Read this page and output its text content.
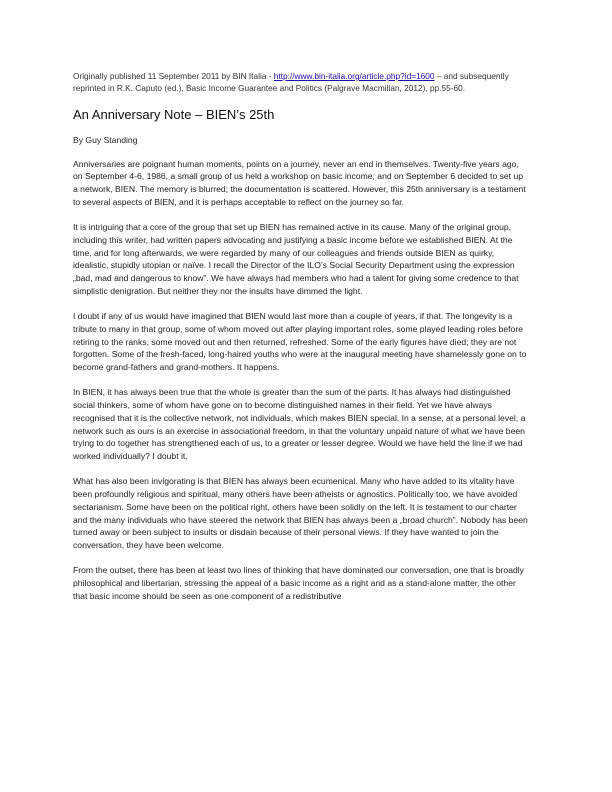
Originally published 11 September 2011 by BIN Italia - http://www.bin-italia.org/article.php?id=1600 – and subsequently reprinted in R.K. Caputo (ed.), Basic Income Guarantee and Politics (Palgrave Macmillan, 2012), pp.55-60.

An Anniversary Note – BIEN’s 25th

By Guy Standing

Anniversaries are poignant human moments, points on a journey, never an end in themselves. Twenty-five years ago, on September 4-6, 1986, a small group of us held a workshop on basic income, and on September 6 decided to set up a network, BIEN. The memory is blurred; the documentation is scattered. However, this 25th anniversary is a testament to several aspects of BIEN, and it is perhaps acceptable to reflect on the journey so far.

It is intriguing that a core of the group that set up BIEN has remained active in its cause. Many of the original group, including this writer, had written papers advocating and justifying a basic income before we established BIEN. At the time, and for long afterwards, we were regarded by many of our colleagues and friends outside BIEN as quirky, idealistic, stupidly utopian or naïve. I recall the Director of the ILO’s Social Security Department using the expression „bad, mad and dangerous to know”. We have always had members who had a talent for giving some credence to that simplistic denigration. But neither they nor the insults have dimmed the light.

I doubt if any of us would have imagined that BIEN would last more than a couple of years, if that. The longevity is a tribute to many in that group, some of whom moved out after playing important roles, some played leading roles before retiring to the ranks, some moved out and then returned, refreshed. Some of the early figures have died; they are not forgotten. Some of the fresh-faced, long-haired youths who were at the inaugural meeting have shamelessly gone on to become grand-fathers and grand-mothers. It happens.

In BIEN, it has always been true that the whole is greater than the sum of the parts. It has always had distinguished social thinkers, some of whom have gone on to become distinguished names in their field. Yet we have always recognised that it is the collective network, not individuals, which makes BIEN special. In a sense, at a personal level, a network such as ours is an exercise in associational freedom, in that the voluntary unpaid nature of what we have been trying to do together has strengthened each of us, to a greater or lesser degree. Would we have held the line if we had worked individually? I doubt it.

What has also been invigorating is that BIEN has always been ecumenical. Many who have added to its vitality have been profoundly religious and spiritual, many others have been atheists or agnostics. Politically too, we have avoided sectarianism. Some have been on the political right, others have been solidly on the left. It is testament to our charter and the many individuals who have steered the network that BIEN has always been a „broad church”. Nobody has been turned away or been subject to insults or disdain because of their personal views. If they have wanted to join the conversation, they have been welcome.

From the outset, there has been at least two lines of thinking that have dominated our conversation, one that is broadly philosophical and libertarian, stressing the appeal of a basic income as a right and as a stand-alone matter, the other that basic income should be seen as one component of a redistributive
